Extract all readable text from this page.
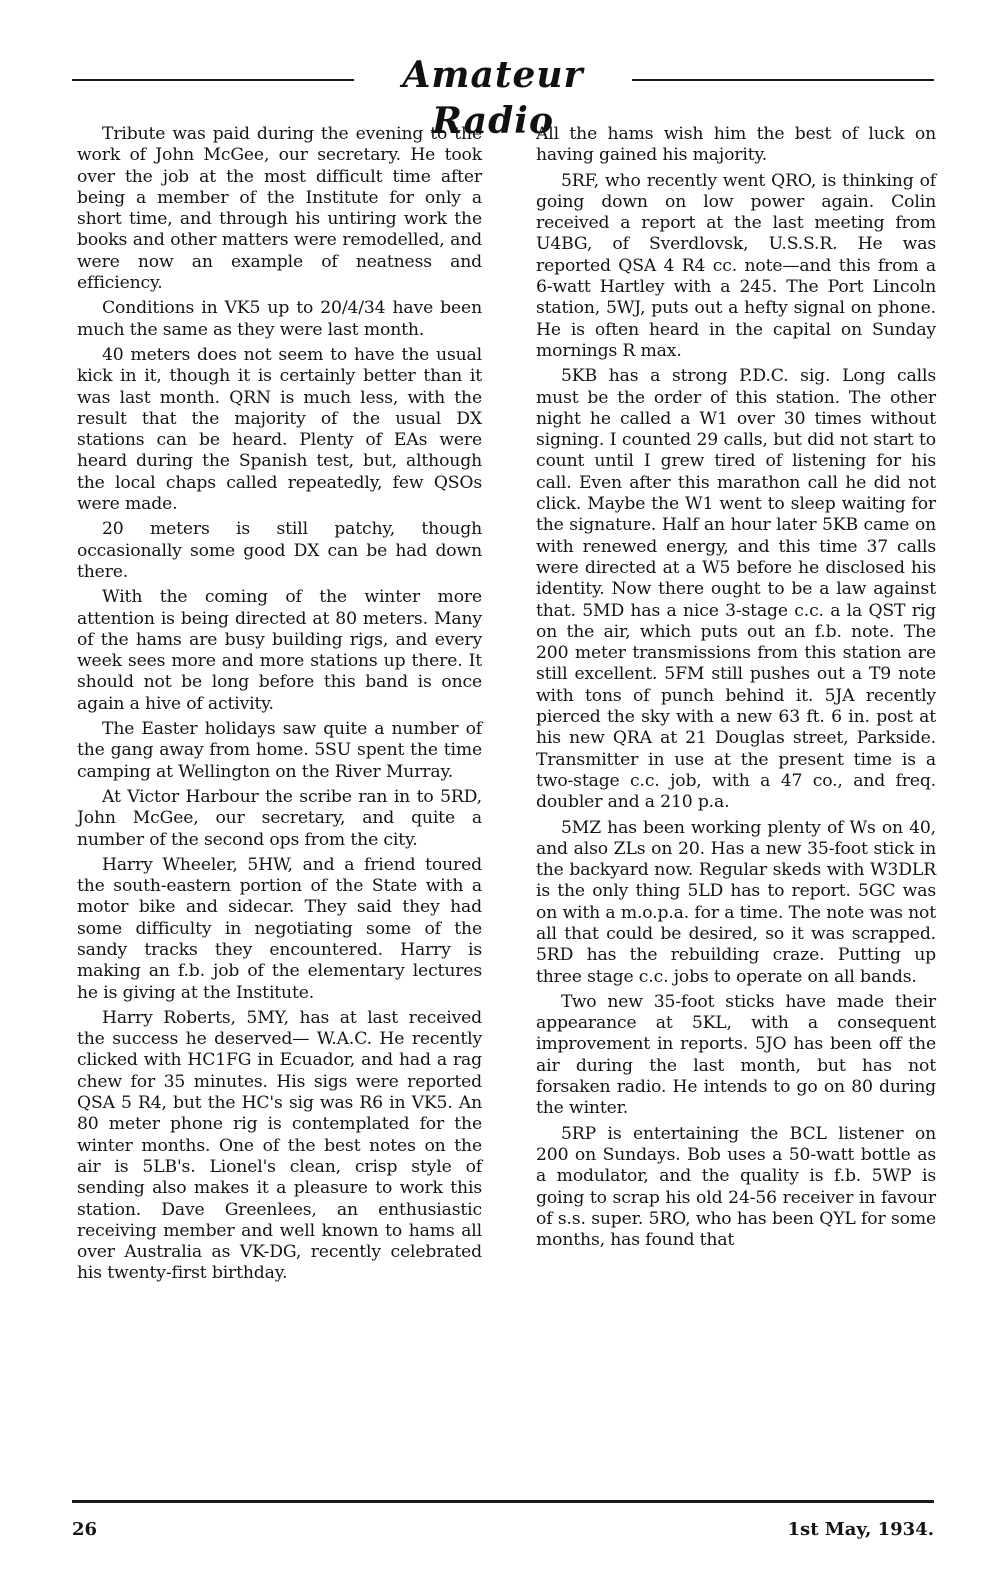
Amateur Radio

Tribute was paid during the evening to the work of John McGee, our secretary. He took over the job at the most difficult time after being a member of the Institute for only a short time, and through his untiring work the books and other matters were remodelled, and were now an example of neatness and efficiency.

Conditions in VK5 up to 20/4/34 have been much the same as they were last month.

40 meters does not seem to have the usual kick in it, though it is certainly better than it was last month. QRN is much less, with the result that the majority of the usual DX stations can be heard. Plenty of EAs were heard during the Spanish test, but, although the local chaps called repeatedly, few QSOs were made.

20 meters is still patchy, though occasionally some good DX can be had down there.

With the coming of the winter more attention is being directed at 80 meters. Many of the hams are busy building rigs, and every week sees more and more stations up there. It should not be long before this band is once again a hive of activity.

The Easter holidays saw quite a number of the gang away from home. 5SU spent the time camping at Wellington on the River Murray.

At Victor Harbour the scribe ran in to 5RD, John McGee, our secretary, and quite a number of the second ops from the city.

Harry Wheeler, 5HW, and a friend toured the south-eastern portion of the State with a motor bike and sidecar. They said they had some difficulty in negotiating some of the sandy tracks they encountered. Harry is making an f.b. job of the elementary lectures he is giving at the Institute.

Harry Roberts, 5MY, has at last received the success he deserved— W.A.C. He recently clicked with HC1FG in Ecuador, and had a rag chew for 35 minutes. His sigs were reported QSA 5 R4, but the HC's sig was R6 in VK5. An 80 meter phone rig is contemplated for the winter months. One of the best notes on the air is 5LB's. Lionel's clean, crisp style of sending also makes it a pleasure to work this station. Dave Greenlees, an enthusiastic receiving member and well known to hams all over Australia as VK-DG, recently celebrated his twenty-first birthday.

All the hams wish him the best of luck on having gained his majority.

5RF, who recently went QRO, is thinking of going down on low power again. Colin received a report at the last meeting from U4BG, of Sverdlovsk, U.S.S.R. He was reported QSA 4 R4 cc. note—and this from a 6-watt Hartley with a 245. The Port Lincoln station, 5WJ, puts out a hefty signal on phone. He is often heard in the capital on Sunday mornings R max.

5KB has a strong P.D.C. sig. Long calls must be the order of this station. The other night he called a W1 over 30 times without signing. I counted 29 calls, but did not start to count until I grew tired of listening for his call. Even after this marathon call he did not click. Maybe the W1 went to sleep waiting for the signature. Half an hour later 5KB came on with renewed energy, and this time 37 calls were directed at a W5 before he disclosed his identity. Now there ought to be a law against that. 5MD has a nice 3-stage c.c. a la QST rig on the air, which puts out an f.b. note. The 200 meter transmissions from this station are still excellent. 5FM still pushes out a T9 note with tons of punch behind it. 5JA recently pierced the sky with a new 63 ft. 6 in. post at his new QRA at 21 Douglas street, Parkside. Transmitter in use at the present time is a two-stage c.c. job, with a 47 co., and freq. doubler and a 210 p.a.

5MZ has been working plenty of Ws on 40, and also ZLs on 20. Has a new 35-foot stick in the backyard now. Regular skeds with W3DLR is the only thing 5LD has to report. 5GC was on with a m.o.p.a. for a time. The note was not all that could be desired, so it was scrapped. 5RD has the rebuilding craze. Putting up three stage c.c. jobs to operate on all bands.

Two new 35-foot sticks have made their appearance at 5KL, with a consequent improvement in reports. 5JO has been off the air during the last month, but has not forsaken radio. He intends to go on 80 during the winter.

5RP is entertaining the BCL listener on 200 on Sundays. Bob uses a 50-watt bottle as a modulator, and the quality is f.b. 5WP is going to scrap his old 24-56 receiver in favour of s.s. super. 5RO, who has been QYL for some months, has found that

26	1st May, 1934.
